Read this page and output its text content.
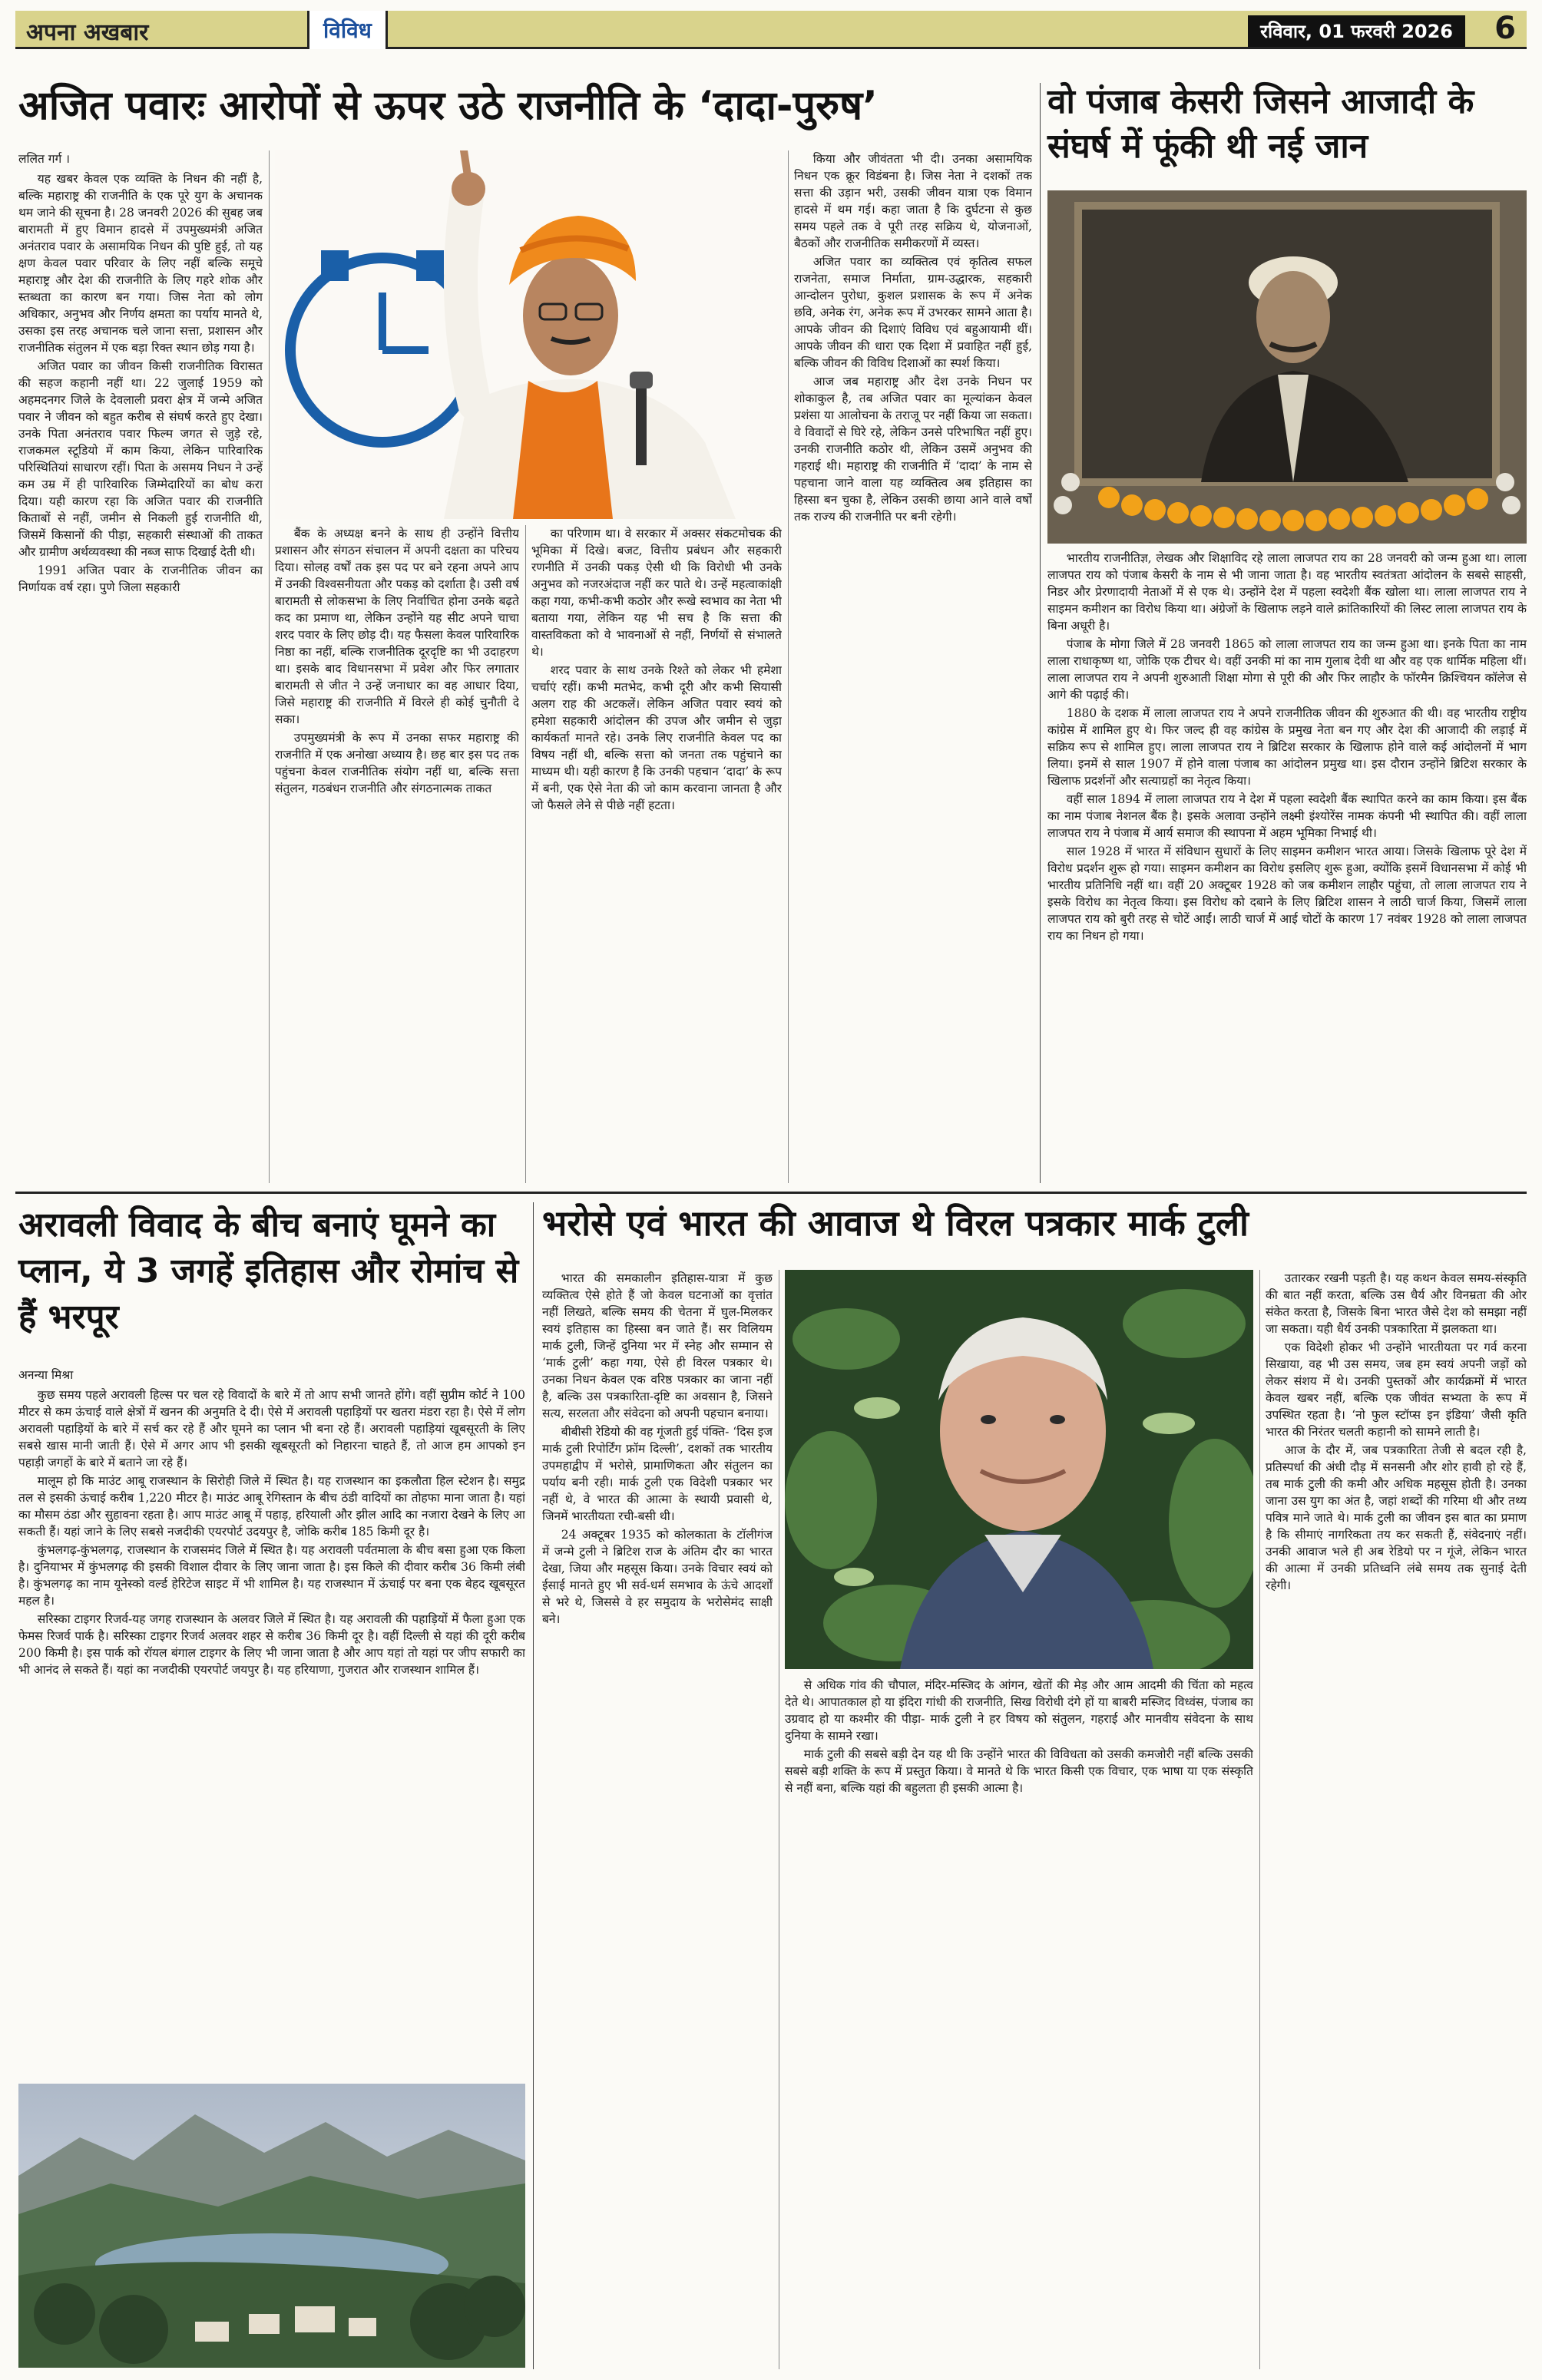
अपना अखबार	विविध	रविवार, 01 फरवरी 2026	6
अजित पवारः आरोपों से ऊपर उठे राजनीति के ‘दादा-पुरुष’
ललित गर्ग ।

यह खबर केवल एक व्यक्ति के निधन की नहीं है, बल्कि महाराष्ट्र की राजनीति के एक पूरे युग के अचानक थम जाने की सूचना है। 28 जनवरी 2026 की सुबह जब बारामती में हुए विमान हादसे में उपमुख्यमंत्री अजित अनंतराव पवार के असामयिक निधन की पुष्टि हुई, तो यह क्षण केवल पवार परिवार के लिए नहीं बल्कि समूचे महाराष्ट्र और देश की राजनीति के लिए गहरे शोक और स्तब्धता का कारण बन गया। जिस नेता को लोग अधिकार, अनुभव और निर्णय क्षमता का पर्याय मानते थे, उसका इस तरह अचानक चले जाना सत्ता, प्रशासन और राजनीतिक संतुलन में एक बड़ा रिक्त स्थान छोड़ गया है।

अजित पवार का जीवन किसी राजनीतिक विरासत की सहज कहानी नहीं था। 22 जुलाई 1959 को अहमदनगर जिले के देवलाली प्रवरा क्षेत्र में जन्मे अजित पवार ने जीवन को बहुत करीब से संघर्ष करते हुए देखा। उनके पिता अनंतराव पवार फिल्म जगत से जुड़े रहे, राजकमल स्टूडियो में काम किया, लेकिन पारिवारिक परिस्थितियां साधारण रहीं। पिता के असमय निधन ने उन्हें कम उम्र में ही पारिवारिक जिम्मेदारियों का बोध करा दिया। यही कारण रहा कि अजित पवार की राजनीति किताबों से नहीं, जमीन से निकली हुई राजनीति थी, जिसमें किसानों की पीड़ा, सहकारी संस्थाओं की ताकत और ग्रामीण अर्थव्यवस्था की नब्ज साफ दिखाई देती थी।

1991 अजित पवार के राजनीतिक जीवन का निर्णायक वर्ष रहा। पुणे जिला सहकारी

बैंक के अध्यक्ष बनने के साथ ही उन्होंने वित्तीय प्रशासन और संगठन संचालन में अपनी दक्षता का परिचय दिया। सोलह वर्षों तक इस पद पर बने रहना अपने आप में उनकी विश्वसनीयता और पकड़ को दर्शाता है। उसी वर्ष बारामती से लोकसभा के लिए निर्वाचित होना उनके बढ़ते कद का प्रमाण था, लेकिन उन्होंने यह सीट अपने चाचा शरद पवार के लिए छोड़ दी। यह फैसला केवल पारिवारिक निष्ठा का नहीं, बल्कि राजनीतिक दूरदृष्टि का भी उदाहरण था। इसके बाद विधानसभा में प्रवेश और फिर लगातार बारामती से जीत ने उन्हें जनाधार का वह आधार दिया, जिसे महाराष्ट्र की राजनीति में विरले ही कोई चुनौती दे सका।

उपमुख्यमंत्री के रूप में उनका सफर महाराष्ट्र की राजनीति में एक अनोखा अध्याय है। छह बार इस पद तक पहुंचना केवल राजनीतिक संयोग नहीं था, बल्कि सत्ता संतुलन, गठबंधन राजनीति और संगठनात्मक ताकत

का परिणाम था। वे सरकार में अक्सर संकटमोचक की भूमिका में दिखे। बजट, वित्तीय प्रबंधन और सहकारी रणनीति में उनकी पकड़ ऐसी थी कि विरोधी भी उनके अनुभव को नजरअंदाज नहीं कर पाते थे। उन्हें महत्वाकांक्षी कहा गया, कभी-कभी कठोर और रूखे स्वभाव का नेता भी बताया गया, लेकिन यह भी सच है कि सत्ता की वास्तविकता को वे भावनाओं से नहीं, निर्णयों से संभालते थे।

शरद पवार के साथ उनके रिश्ते को लेकर भी हमेशा चर्चाएं रहीं। कभी मतभेद, कभी दूरी और कभी सियासी अलग राह की अटकलें। लेकिन अजित पवार स्वयं को हमेशा सहकारी आंदोलन की उपज और जमीन से जुड़ा कार्यकर्ता मानते रहे। उनके लिए राजनीति केवल पद का विषय नहीं थी, बल्कि सत्ता को जनता तक पहुंचाने का माध्यम थी। यही कारण है कि उनकी पहचान ‘दादा’ के रूप में बनी, एक ऐसे नेता की जो काम करवाना जानता है और जो फैसले लेने से पीछे नहीं हटता।

किया और जीवंतता भी दी। उनका असामयिक निधन एक क्रूर विडंबना है। जिस नेता ने दशकों तक सत्ता की उड़ान भरी, उसकी जीवन यात्रा एक विमान हादसे में थम गई। कहा जाता है कि दुर्घटना से कुछ समय पहले तक वे पूरी तरह सक्रिय थे, योजनाओं, बैठकों और राजनीतिक समीकरणों में व्यस्त।

अजित पवार का व्यक्तित्व एवं कृतित्व सफल राजनेता, समाज निर्माता, ग्राम-उद्धारक, सहकारी आन्दोलन पुरोधा, कुशल प्रशासक के रूप में अनेक छवि, अनेक रंग, अनेक रूप में उभरकर सामने आता है। आपके जीवन की दिशाएं विविध एवं बहुआयामी थीं। आपके जीवन की धारा एक दिशा में प्रवाहित नहीं हुई, बल्कि जीवन की विविध दिशाओं का स्पर्श किया।

आज जब महाराष्ट्र और देश उनके निधन पर शोकाकुल है, तब अजित पवार का मूल्यांकन केवल प्रशंसा या आलोचना के तराजू पर नहीं किया जा सकता। वे विवादों से घिरे रहे, लेकिन उनसे परिभाषित नहीं हुए। उनकी राजनीति कठोर थी, लेकिन उसमें अनुभव की गहराई थी। महाराष्ट्र की राजनीति में ‘दादा’ के नाम से पहचाना जाने वाला यह व्यक्तित्व अब इतिहास का हिस्सा बन चुका है, लेकिन उसकी छाया आने वाले वर्षों तक राज्य की राजनीति पर बनी रहेगी।

वो पंजाब केसरी जिसने आजादी के संघर्ष में फूंकी थी नई जान

भारतीय राजनीतिज्ञ, लेखक और शिक्षाविद रहे लाला लाजपत राय का 28 जनवरी को जन्म हुआ था। लाला लाजपत राय को पंजाब केसरी के नाम से भी जाना जाता है। वह भारतीय स्वतंत्रता आंदोलन के सबसे साहसी, निडर और प्रेरणादायी नेताओं में से एक थे। उन्होंने देश में पहला स्वदेशी बैंक खोला था। लाला लाजपत राय ने साइमन कमीशन का विरोध किया था। अंग्रेजों के खिलाफ लड़ने वाले क्रांतिकारियों की लिस्ट लाला लाजपत राय के बिना अधूरी है।

पंजाब के मोगा जिले में 28 जनवरी 1865 को लाला लाजपत राय का जन्म हुआ था। इनके पिता का नाम लाला राधाकृष्ण था, जोकि एक टीचर थे। वहीं उनकी मां का नाम गुलाब देवी था और वह एक धार्मिक महिला थीं। लाला लाजपत राय ने अपनी शुरुआती शिक्षा मोगा से पूरी की और फिर लाहौर के फॉरमैन क्रिश्चियन कॉलेज से आगे की पढ़ाई की।

1880 के दशक में लाला लाजपत राय ने अपने राजनीतिक जीवन की शुरुआत की थी। वह भारतीय राष्ट्रीय कांग्रेस में शामिल हुए थे। फिर जल्द ही वह कांग्रेस के प्रमुख नेता बन गए और देश की आजादी की लड़ाई में सक्रिय रूप से शामिल हुए। लाला लाजपत राय ने ब्रिटिश सरकार के खिलाफ होने वाले कई आंदोलनों में भाग लिया। इनमें से साल 1907 में होने वाला पंजाब का आंदोलन प्रमुख था। इस दौरान उन्होंने ब्रिटिश सरकार के खिलाफ प्रदर्शनों और सत्याग्रहों का नेतृत्व किया।

वहीं साल 1894 में लाला लाजपत राय ने देश में पहला स्वदेशी बैंक स्थापित करने का काम किया। इस बैंक का नाम पंजाब नेशनल बैंक है। इसके अलावा उन्होंने लक्ष्मी इंश्योरेंस नामक कंपनी भी स्थापित की। वहीं लाला लाजपत राय ने पंजाब में आर्य समाज की स्थापना में अहम भूमिका निभाई थी।

साल 1928 में भारत में संविधान सुधारों के लिए साइमन कमीशन भारत आया। जिसके खिलाफ पूरे देश में विरोध प्रदर्शन शुरू हो गया। साइमन कमीशन का विरोध इसलिए शुरू हुआ, क्योंकि इसमें विधानसभा में कोई भी भारतीय प्रतिनिधि नहीं था। वहीं 20 अक्टूबर 1928 को जब कमीशन लाहौर पहुंचा, तो लाला लाजपत राय ने इसके विरोध का नेतृत्व किया। इस विरोध को दबाने के लिए ब्रिटिश शासन ने लाठी चार्ज किया, जिसमें लाला लाजपत राय को बुरी तरह से चोटें आईं। लाठी चार्ज में आई चोटों के कारण 17 नवंबर 1928 को लाला लाजपत राय का निधन हो गया।

अरावली विवाद के बीच बनाएं घूमने का प्लान, ये 3 जगहें इतिहास और रोमांच से हैं भरपूर
अनन्या मिश्रा

कुछ समय पहले अरावली हिल्स पर चल रहे विवादों के बारे में तो आप सभी जानते होंगे। वहीं सुप्रीम कोर्ट ने 100 मीटर से कम ऊंचाई वाले क्षेत्रों में खनन की अनुमति दे दी। ऐसे में अरावली पहाड़ियों पर खतरा मंडरा रहा है। ऐसे में लोग अरावली पहाड़ियों के बारे में सर्च कर रहे हैं और घूमने का प्लान भी बना रहे हैं। अरावली पहाड़ियां खूबसूरती के लिए सबसे खास मानी जाती हैं। ऐसे में अगर आप भी इसकी खूबसूरती को निहारना चाहते हैं, तो आज हम आपको इन पहाड़ी जगहों के बारे में बताने जा रहे हैं।

मालूम हो कि माउंट आबू राजस्थान के सिरोही जिले में स्थित है। यह राजस्थान का इकलौता हिल स्टेशन है। समुद्र तल से इसकी ऊंचाई करीब 1,220 मीटर है। माउंट आबू रेगिस्तान के बीच ठंडी वादियों का तोहफा माना जाता है। यहां का मौसम ठंडा और सुहावना रहता है। आप माउंट आबू में पहाड़, हरियाली और झील आदि का नजारा देखने के लिए आ सकती हैं। यहां जाने के लिए सबसे नजदीकी एयरपोर्ट उदयपुर है, जोकि करीब 185 किमी दूर है।

कुंभलगढ़-कुंभलगढ़, राजस्थान के राजसमंद जिले में स्थित है। यह अरावली पर्वतमाला के बीच बसा हुआ एक किला है। दुनियाभर में कुंभलगढ़ की इसकी विशाल दीवार के लिए जाना जाता है। इस किले की दीवार करीब 36 किमी लंबी है। कुंभलगढ़ का नाम यूनेस्को वर्ल्ड हेरिटेज साइट में भी शामिल है। यह राजस्थान में ऊंचाई पर बना एक बेहद खूबसूरत महल है।

सरिस्का टाइगर रिजर्व-यह जगह राजस्थान के अलवर जिले में स्थित है। यह अरावली की पहाड़ियों में फैला हुआ एक फेमस रिजर्व पार्क है। सरिस्का टाइगर रिजर्व अलवर शहर से करीब 36 किमी दूर है। वहीं दिल्ली से यहां की दूरी करीब 200 किमी है। इस पार्क को रॉयल बंगाल टाइगर के लिए भी जाना जाता है और आप यहां तो यहां पर जीप सफारी का भी आनंद ले सकते हैं। यहां का नजदीकी एयरपोर्ट जयपुर है। यह हरियाणा, गुजरात और राजस्थान शामिल हैं।

भरोसे एवं भारत की आवाज थे विरल पत्रकार मार्क टुली

भारत की समकालीन इतिहास-यात्रा में कुछ व्यक्तित्व ऐसे होते हैं जो केवल घटनाओं का वृत्तांत नहीं लिखते, बल्कि समय की चेतना में घुल-मिलकर स्वयं इतिहास का हिस्सा बन जाते हैं। सर विलियम मार्क टुली, जिन्हें दुनिया भर में स्नेह और सम्मान से ‘मार्क टुली’ कहा गया, ऐसे ही विरल पत्रकार थे। उनका निधन केवल एक वरिष्ठ पत्रकार का जाना नहीं है, बल्कि उस पत्रकारिता-दृष्टि का अवसान है, जिसने सत्य, सरलता और संवेदना को अपनी पहचान बनाया।

बीबीसी रेडियो की वह गूंजती हुई पंक्ति- ‘दिस इज मार्क टुली रिपोर्टिंग फ्रॉम दिल्ली’, दशकों तक भारतीय उपमहाद्वीप में भरोसे, प्रामाणिकता और संतुलन का पर्याय बनी रही। मार्क टुली एक विदेशी पत्रकार भर नहीं थे, वे भारत की आत्मा के स्थायी प्रवासी थे, जिनमें भारतीयता रची-बसी थी।

24 अक्टूबर 1935 को कोलकाता के टॉलीगंज में जन्मे टुली ने ब्रिटिश राज के अंतिम दौर का भारत देखा, जिया और महसूस किया। उनके विचार स्वयं को ईसाई मानते हुए भी सर्व-धर्म समभाव के ऊंचे आदर्शों से भरे थे, जिससे वे हर समुदाय के भरोसेमंद साक्षी बने।

से अधिक गांव की चौपाल, मंदिर-मस्जिद के आंगन, खेतों की मेड़ और आम आदमी की चिंता को महत्व देते थे। आपातकाल हो या इंदिरा गांधी की राजनीति, सिख विरोधी दंगे हों या बाबरी मस्जिद विध्वंस, पंजाब का उग्रवाद हो या कश्मीर की पीड़ा- मार्क टुली ने हर विषय को संतुलन, गहराई और मानवीय संवेदना के साथ दुनिया के सामने रखा।

मार्क टुली की सबसे बड़ी देन यह थी कि उन्होंने भारत की विविधता को उसकी कमजोरी नहीं बल्कि उसकी सबसे बड़ी शक्ति के रूप में प्रस्तुत किया। वे मानते थे कि भारत किसी एक विचार, एक भाषा या एक संस्कृति से नहीं बना, बल्कि यहां की बहुलता ही इसकी आत्मा है।

उतारकर रखनी पड़ती है। यह कथन केवल समय-संस्कृति की बात नहीं करता, बल्कि उस धैर्य और विनम्रता की ओर संकेत करता है, जिसके बिना भारत जैसे देश को समझा नहीं जा सकता। यही धैर्य उनकी पत्रकारिता में झलकता था।

एक विदेशी होकर भी उन्होंने भारतीयता पर गर्व करना सिखाया, वह भी उस समय, जब हम स्वयं अपनी जड़ों को लेकर संशय में थे। उनकी पुस्तकों और कार्यक्रमों में भारत केवल खबर नहीं, बल्कि एक जीवंत सभ्यता के रूप में उपस्थित रहता है। ‘नो फुल स्टॉप्स इन इंडिया’ जैसी कृति भारत की निरंतर चलती कहानी को सामने लाती है।

आज के दौर में, जब पत्रकारिता तेजी से बदल रही है, प्रतिस्पर्धा की अंधी दौड़ में सनसनी और शोर हावी हो रहे हैं, तब मार्क टुली की कमी और अधिक महसूस होती है। उनका जाना उस युग का अंत है, जहां शब्दों की गरिमा थी और तथ्य पवित्र माने जाते थे। मार्क टुली का जीवन इस बात का प्रमाण है कि सीमाएं नागरिकता तय कर सकती हैं, संवेदनाएं नहीं। उनकी आवाज भले ही अब रेडियो पर न गूंजे, लेकिन भारत की आत्मा में उनकी प्रतिध्वनि लंबे समय तक सुनाई देती रहेगी।
